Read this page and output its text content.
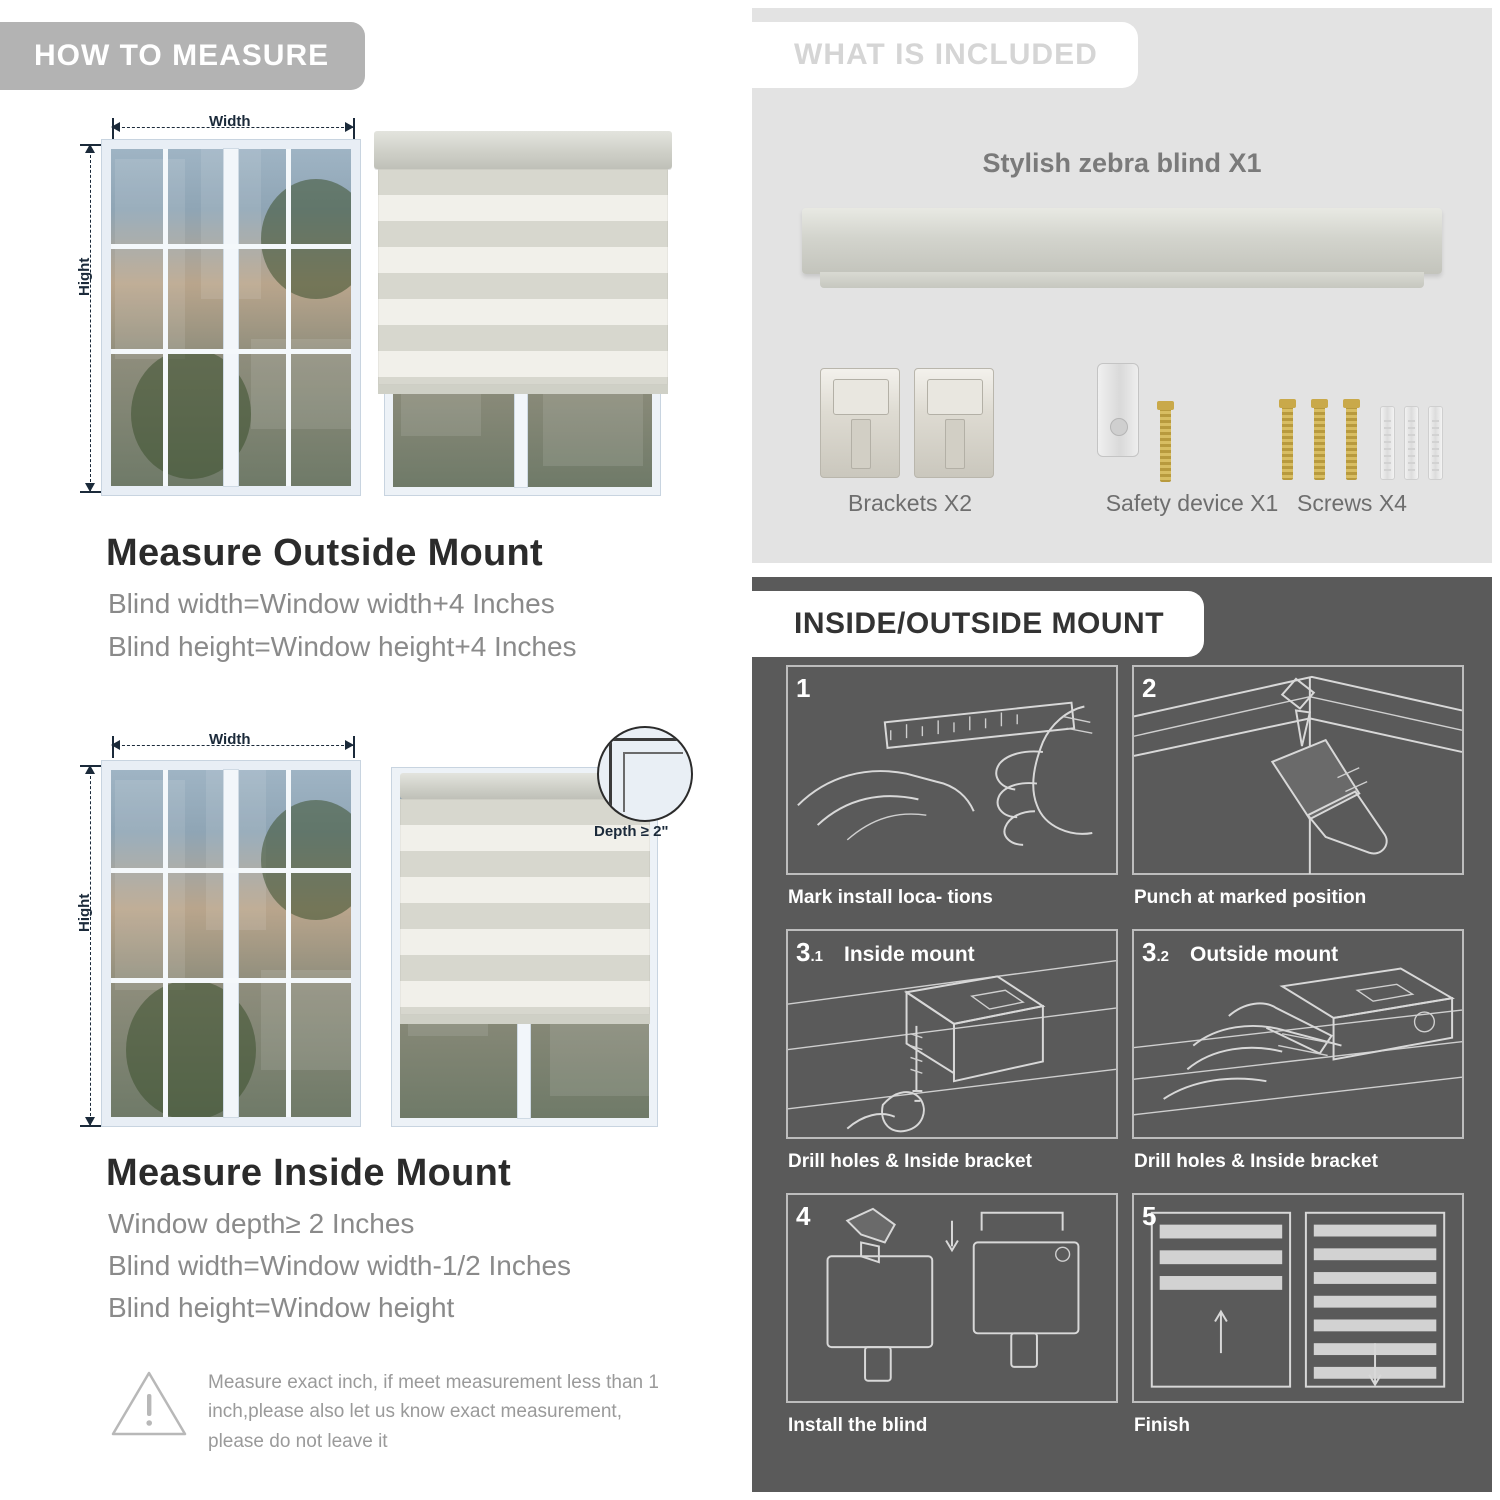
HOW TO MEASURE
Width
Hight
Measure Outside Mount
Blind width=Window width+4 Inches
Blind height=Window height+4 Inches
Width
Hight
Depth ≥ 2"
Measure Inside Mount
Window depth≥ 2 Inches
Blind width=Window width-1/2 Inches
Blind height=Window height
Measure exact inch, if meet measurement less than 1 inch,please also let us know exact measurement, please do not leave it
WHAT IS INCLUDED
Stylish zebra blind X1
Brackets X2	Safety device X1 Screws X4
INSIDE/OUTSIDE MOUNT
1
Mark install loca- tions
2
Punch at marked position
3.1 Inside mount
Drill holes & Inside bracket
3.2 Outside mount
Drill holes & Inside bracket
4
Install the blind
5
Finish
